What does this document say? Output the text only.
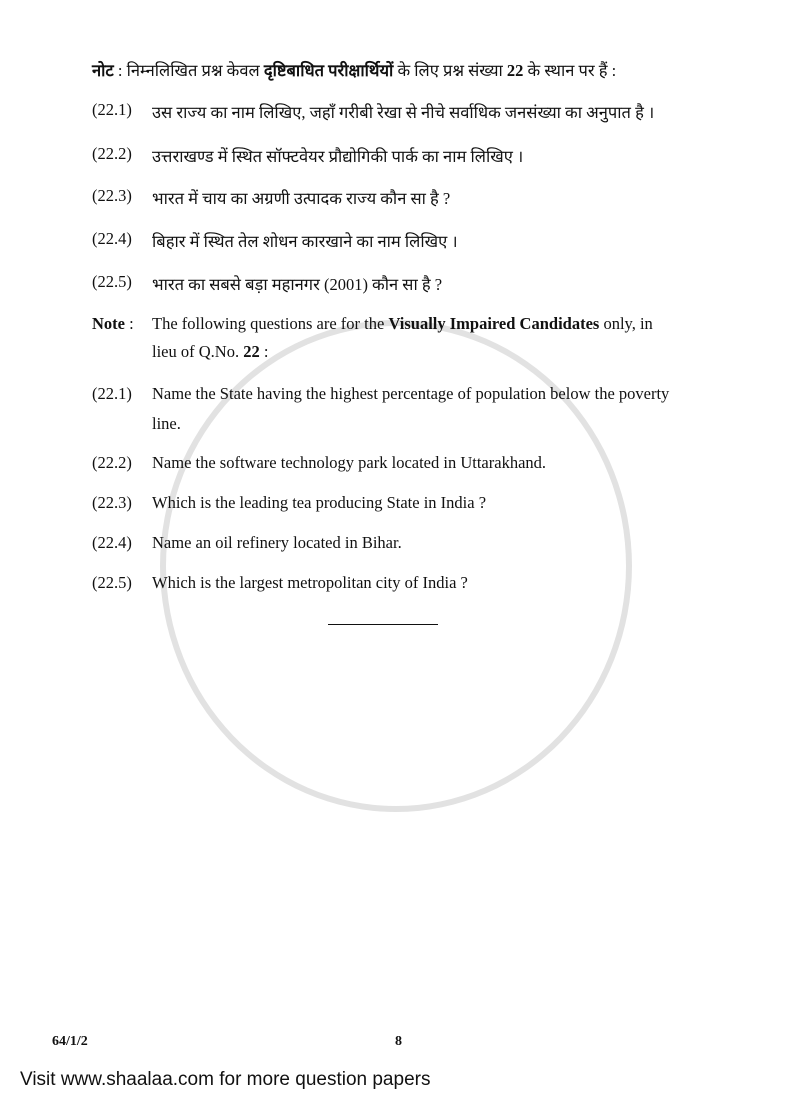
नोट : निम्नलिखित प्रश्न केवल दृष्टिबाधित परीक्षार्थियों के लिए प्रश्न संख्या 22 के स्थान पर हैं :
(22.1) उस राज्य का नाम लिखिए, जहाँ गरीबी रेखा से नीचे सर्वाधिक जनसंख्या का अनुपात है ।
(22.2) उत्तराखण्ड में स्थित सॉफ्टवेयर प्रौद्योगिकी पार्क का नाम लिखिए ।
(22.3) भारत में चाय का अग्रणी उत्पादक राज्य कौन सा है ?
(22.4) बिहार में स्थित तेल शोधन कारखाने का नाम लिखिए ।
(22.5) भारत का सबसे बड़ा महानगर (2001) कौन सा है ?
Note : The following questions are for the Visually Impaired Candidates only, in
lieu of Q.No. 22 :
(22.1) Name the State having the highest percentage of population below the poverty
line.
(22.2) Name the software technology park located in Uttarakhand.
(22.3) Which is the leading tea producing State in India ?
(22.4) Name an oil refinery located in Bihar.
(22.5) Which is the largest metropolitan city of India ?
64/1/2	8
Visit www.shaalaa.com for more question papers
